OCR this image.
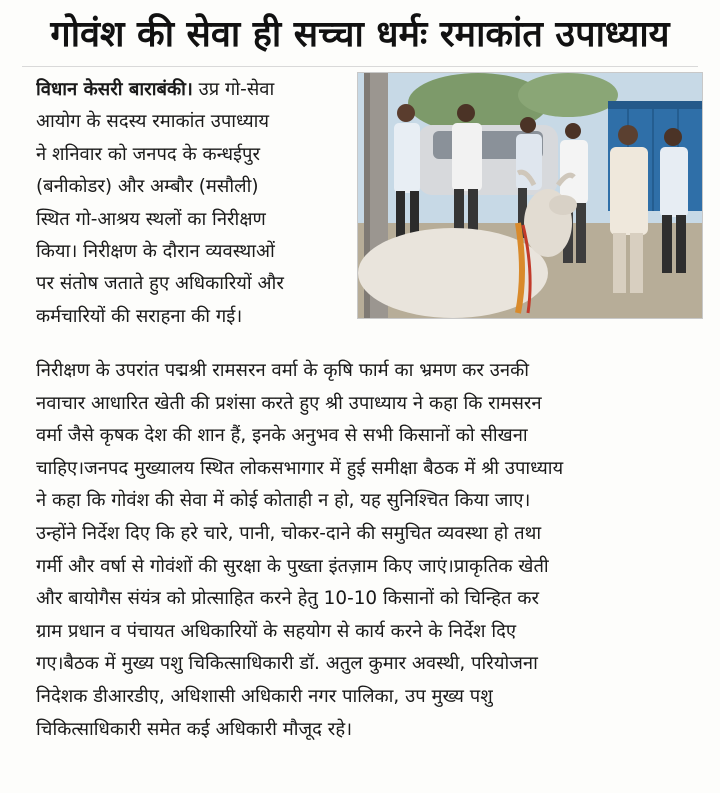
गोवंश की सेवा ही सच्चा धर्मः रमाकांत उपाध्याय
विधान केसरी बाराबंकी। उप्र गो-सेवा
आयोग के सदस्य रमाकांत उपाध्याय
ने शनिवार को जनपद के कन्धईपुर
(बनीकोडर) और अम्बौर (मसौली)
स्थित गो-आश्रय स्थलों का निरीक्षण
किया। निरीक्षण के दौरान व्यवस्थाओं
पर संतोष जताते हुए अधिकारियों और
कर्मचारियों की सराहना की गई।
निरीक्षण के उपरांत पद्मश्री रामसरन वर्मा के कृषि फार्म का भ्रमण कर उनकी
नवाचार आधारित खेती की प्रशंसा करते हुए श्री उपाध्याय ने कहा कि रामसरन
वर्मा जैसे कृषक देश की शान हैं, इनके अनुभव से सभी किसानों को सीखना
चाहिए।जनपद मुख्यालय स्थित लोकसभागार में हुई समीक्षा बैठक में श्री उपाध्याय
ने कहा कि गोवंश की सेवा में कोई कोताही न हो, यह सुनिश्चित किया जाए।
उन्होंने निर्देश दिए कि हरे चारे, पानी, चोकर-दाने की समुचित व्यवस्था हो तथा
गर्मी और वर्षा से गोवंशों की सुरक्षा के पुख्ता इंतज़ाम किए जाएं।प्राकृतिक खेती
और बायोगैस संयंत्र को प्रोत्साहित करने हेतु 10-10 किसानों को चिन्हित कर
ग्राम प्रधान व पंचायत अधिकारियों के सहयोग से कार्य करने के निर्देश दिए
गए।बैठक में मुख्य पशु चिकित्साधिकारी डॉ. अतुल कुमार अवस्थी, परियोजना
निदेशक डीआरडीए, अधिशासी अधिकारी नगर पालिका, उप मुख्य पशु
चिकित्साधिकारी समेत कई अधिकारी मौजूद रहे।
